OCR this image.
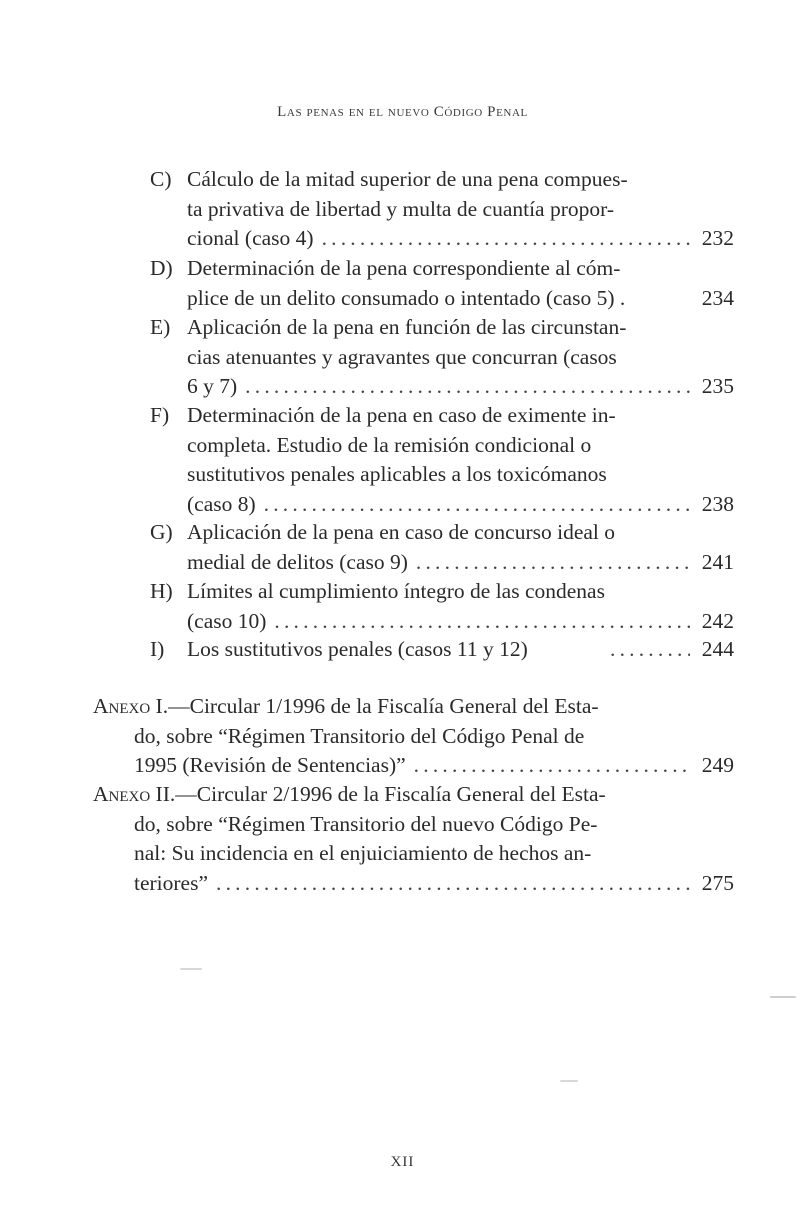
Las penas en el nuevo Código Penal
C) Cálculo de la mitad superior de una pena compues-
ta privativa de libertad y multa de cuantía propor-
cional (caso 4) .....	232
D) Determinación de la pena correspondiente al cóm-
plice de un delito consumado o intentado (caso 5) .	234
E) Aplicación de la pena en función de las circunstan-
cias atenuantes y agravantes que concurran (casos
6 y 7) .....	235
F) Determinación de la pena en caso de eximente in-
completa. Estudio de la remisión condicional o
sustitutivos penales aplicables a los toxicómanos
(caso 8) .....	238
G) Aplicación de la pena en caso de concurso ideal o
medial de delitos (caso 9) .....	241
H) Límites al cumplimiento íntegro de las condenas
(caso 10) .....	242
I)	Los sustitutivos penales (casos 11 y 12) .....	244
Anexo I.—Circular 1/1996 de la Fiscalía General del Esta-
do, sobre “Régimen Transitorio del Código Penal de
1995 (Revisión de Sentencias)” .....	249
Anexo II.—Circular 2/1996 de la Fiscalía General del Esta-
do, sobre “Régimen Transitorio del nuevo Código Pe-
nal: Su incidencia en el enjuiciamiento de hechos an-
teriores” .....	275
XII
